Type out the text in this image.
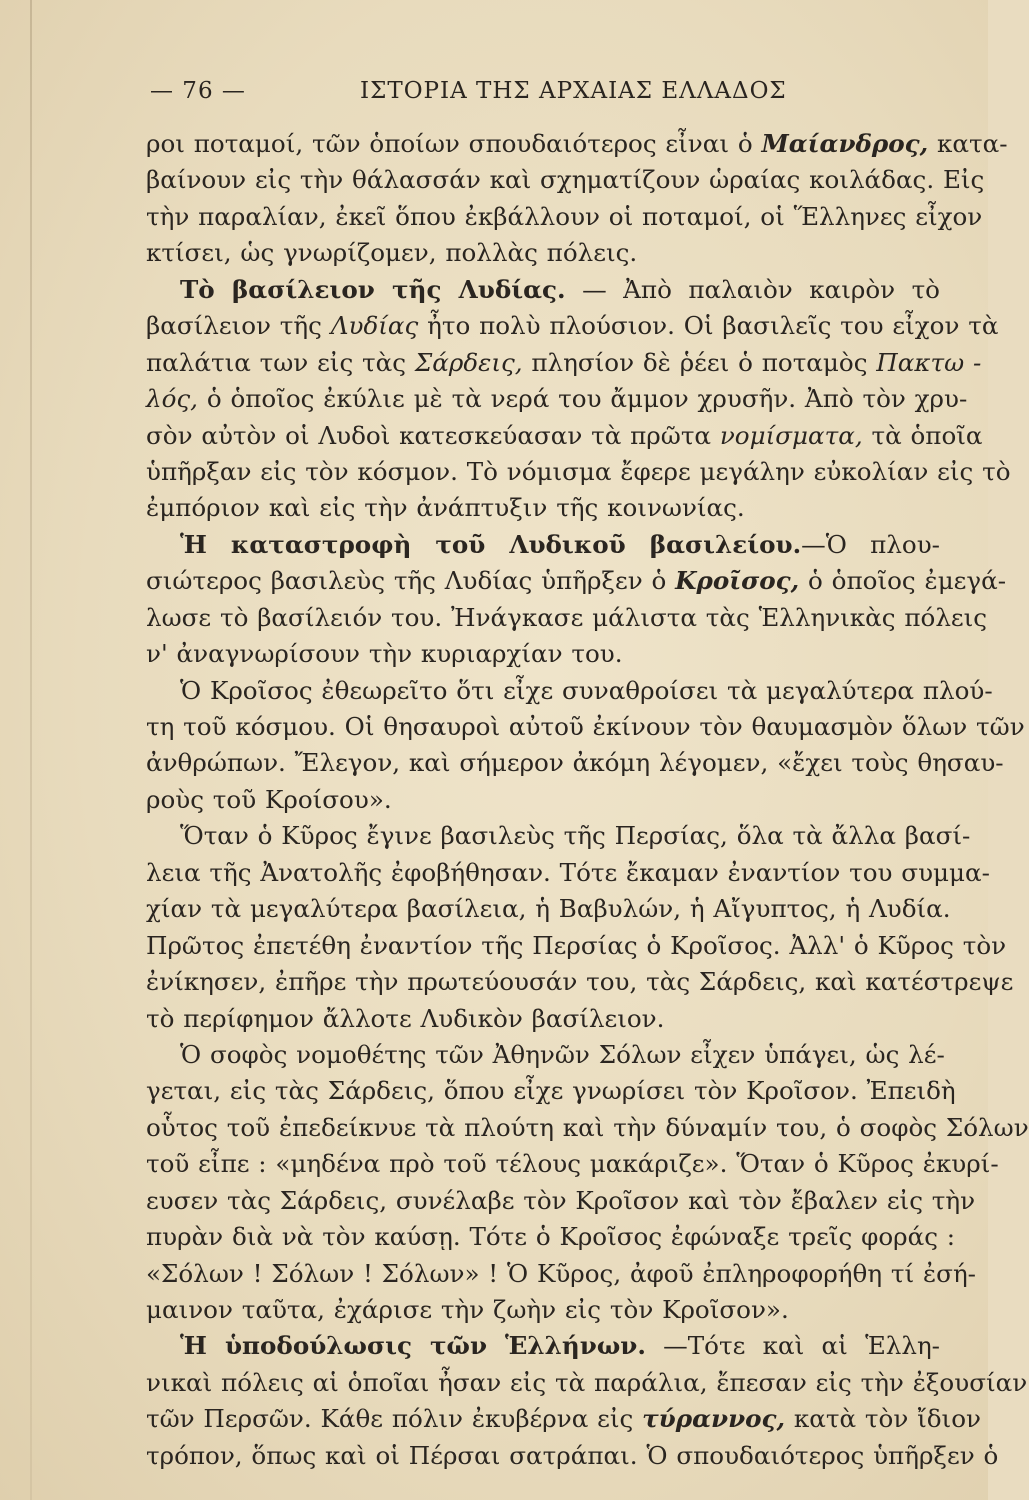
— 76 —	ΙΣΤΟΡΙΑ ΤΗΣ ΑΡΧΑΙΑΣ ΕΛΛΑΔΟΣ
ροι ποταμοί, τῶν ὁποίων σπουδαιότερος εἶναι ὁ Μαίανδρος, κατα-
βαίνουν εἰς τὴν θάλασσάν καὶ σχηματίζουν ὡραίας κοιλάδας. Εἰς
τὴν παραλίαν, ἐκεῖ ὅπου ἐκβάλλουν οἱ ποταμοί, οἱ Ἕλληνες εἶχον
κτίσει, ὡς γνωρίζομεν, πολλὰς πόλεις.
Τὸ βασίλειον τῆς Λυδίας. — Ἀπὸ παλαιὸν καιρὸν τὸ
βασίλειον τῆς Λυδίας ἦτο πολὺ πλούσιον. Οἱ βασιλεῖς του εἶχον τὰ
παλάτια των εἰς τὰς Σάρδεις, πλησίον δὲ ῥέει ὁ ποταμὸς Πακτω -
λός, ὁ ὁποῖος ἐκύλιε μὲ τὰ νερά του ἄμμον χρυσῆν. Ἀπὸ τὸν χρυ-
σὸν αὐτὸν οἱ Λυδοὶ κατεσκεύασαν τὰ πρῶτα νομίσματα, τὰ ὁποῖα
ὑπῆρξαν εἰς τὸν κόσμον. Τὸ νόμισμα ἔφερε μεγάλην εὐκολίαν εἰς τὸ
ἐμπόριον καὶ εἰς τὴν ἀνάπτυξιν τῆς κοινωνίας.
Ἡ καταστροφὴ τοῦ Λυδικοῦ βασιλείου.—Ὁ πλου-
σιώτερος βασιλεὺς τῆς Λυδίας ὑπῆρξεν ὁ Κροῖσος, ὁ ὁποῖος ἐμεγά-
λωσε τὸ βασίλειόν του. Ἠνάγκασε μάλιστα τὰς Ἑλληνικὰς πόλεις
ν' ἀναγνωρίσουν τὴν κυριαρχίαν του.
Ὁ Κροῖσος ἐθεωρεῖτο ὅτι εἶχε συναθροίσει τὰ μεγαλύτερα πλού-
τη τοῦ κόσμου. Οἱ θησαυροὶ αὐτοῦ ἐκίνουν τὸν θαυμασμὸν ὅλων τῶν
ἀνθρώπων. Ἔλεγον, καὶ σήμερον ἀκόμη λέγομεν, «ἔχει τοὺς θησαυ-
ροὺς τοῦ Κροίσου».
Ὅταν ὁ Κῦρος ἔγινε βασιλεὺς τῆς Περσίας, ὅλα τὰ ἄλλα βασί-
λεια τῆς Ἀνατολῆς ἐφοβήθησαν. Τότε ἔκαμαν ἐναντίον του συμμα-
χίαν τὰ μεγαλύτερα βασίλεια, ἡ Βαβυλών, ἡ Αἴγυπτος, ἡ Λυδία.
Πρῶτος ἐπετέθη ἐναντίον τῆς Περσίας ὁ Κροῖσος. Ἀλλ' ὁ Κῦρος τὸν
ἐνίκησεν, ἐπῆρε τὴν πρωτεύουσάν του, τὰς Σάρδεις, καὶ κατέστρεψε
τὸ περίφημον ἄλλοτε Λυδικὸν βασίλειον.
Ὁ σοφὸς νομοθέτης τῶν Ἀθηνῶν Σόλων εἶχεν ὑπάγει, ὡς λέ-
γεται, εἰς τὰς Σάρδεις, ὅπου εἶχε γνωρίσει τὸν Κροῖσον. Ἐπειδὴ
οὗτος τοῦ ἐπεδείκνυε τὰ πλούτη καὶ τὴν δύναμίν του, ὁ σοφὸς Σόλων
τοῦ εἶπε : «μηδένα πρὸ τοῦ τέλους μακάριζε». Ὅταν ὁ Κῦρος ἐκυρί-
ευσεν τὰς Σάρδεις, συνέλαβε τὸν Κροῖσον καὶ τὸν ἔβαλεν εἰς τὴν
πυρὰν διὰ νὰ τὸν καύσῃ. Τότε ὁ Κροῖσος ἐφώναξε τρεῖς φοράς :
«Σόλων ! Σόλων ! Σόλων» ! Ὁ Κῦρος, ἀφοῦ ἐπληροφορήθη τί ἐσή-
μαινον ταῦτα, ἐχάρισε τὴν ζωὴν εἰς τὸν Κροῖσον».
Ἡ ὑποδούλωσις τῶν Ἑλλήνων. —Τότε καὶ αἱ Ἑλλη-
νικαὶ πόλεις αἱ ὁποῖαι ἦσαν εἰς τὰ παράλια, ἔπεσαν εἰς τὴν ἐξουσίαν
τῶν Περσῶν. Κάθε πόλιν ἐκυβέρνα εἰς τύραννος, κατὰ τὸν ἴδιον
τρόπον, ὅπως καὶ οἱ Πέρσαι σατράπαι. Ὁ σπουδαιότερος ὑπῆρξεν ὁ
